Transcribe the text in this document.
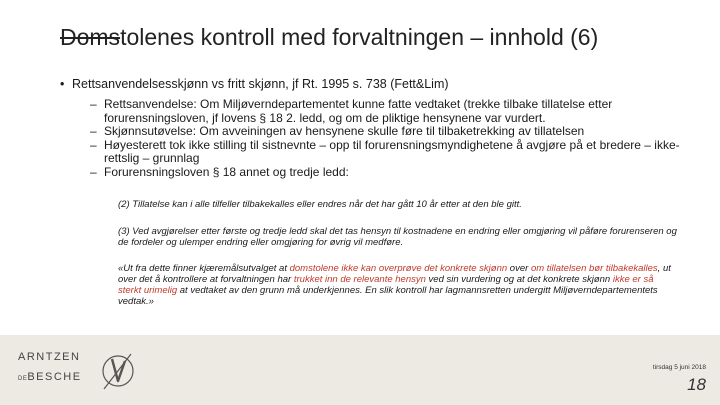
Domstolenes kontroll med forvaltningen – innhold (6)
• Rettsanvendelsesskjønn vs fritt skjønn, jf Rt. 1995 s. 738 (Fett&Lim)
– Rettsanvendelse: Om Miljøverndepartementet kunne fatte vedtaket (trekke tilbake tillatelse etter forurensningsloven, jf lovens § 18 2. ledd, og om de pliktige hensynene var vurdert.
– Skjønnsutøvelse: Om avveiningen av hensynene skulle føre til tilbaketrekking av tillatelsen
– Høyesterett tok ikke stilling til sistnevnte – opp til forurensningsmyndighetene å avgjøre på et bredere – ikke-rettslig – grunnlag
– Forurensningsloven § 18 annet og tredje ledd:

(2) Tillatelse kan i alle tilfeller tilbakekalles eller endres når det har gått 10 år etter at den ble gitt.

(3) Ved avgjørelser etter første og tredje ledd skal det tas hensyn til kostnadene en endring eller omgjøring vil påføre forurenseren og de fordeler og ulemper endring eller omgjøring for øvrig vil medføre.

«Ut fra dette finner kjæremålsutvalget at domstolene ikke kan overprøve det konkrete skjønn over om tillatelsen bør tilbakekalles, ut over det å kontrollere at forvaltningen har trukket inn de relevante hensyn ved sin vurdering og at det konkrete skjønn ikke er så sterkt urimelig at vedtaket av den grunn må underkjennes. En slik kontroll har lagmannsretten undergitt Miljøverndepartementets vedtak.»

ARNTZEN
DEBESCHE
tirsdag 5 juni 2018
18
